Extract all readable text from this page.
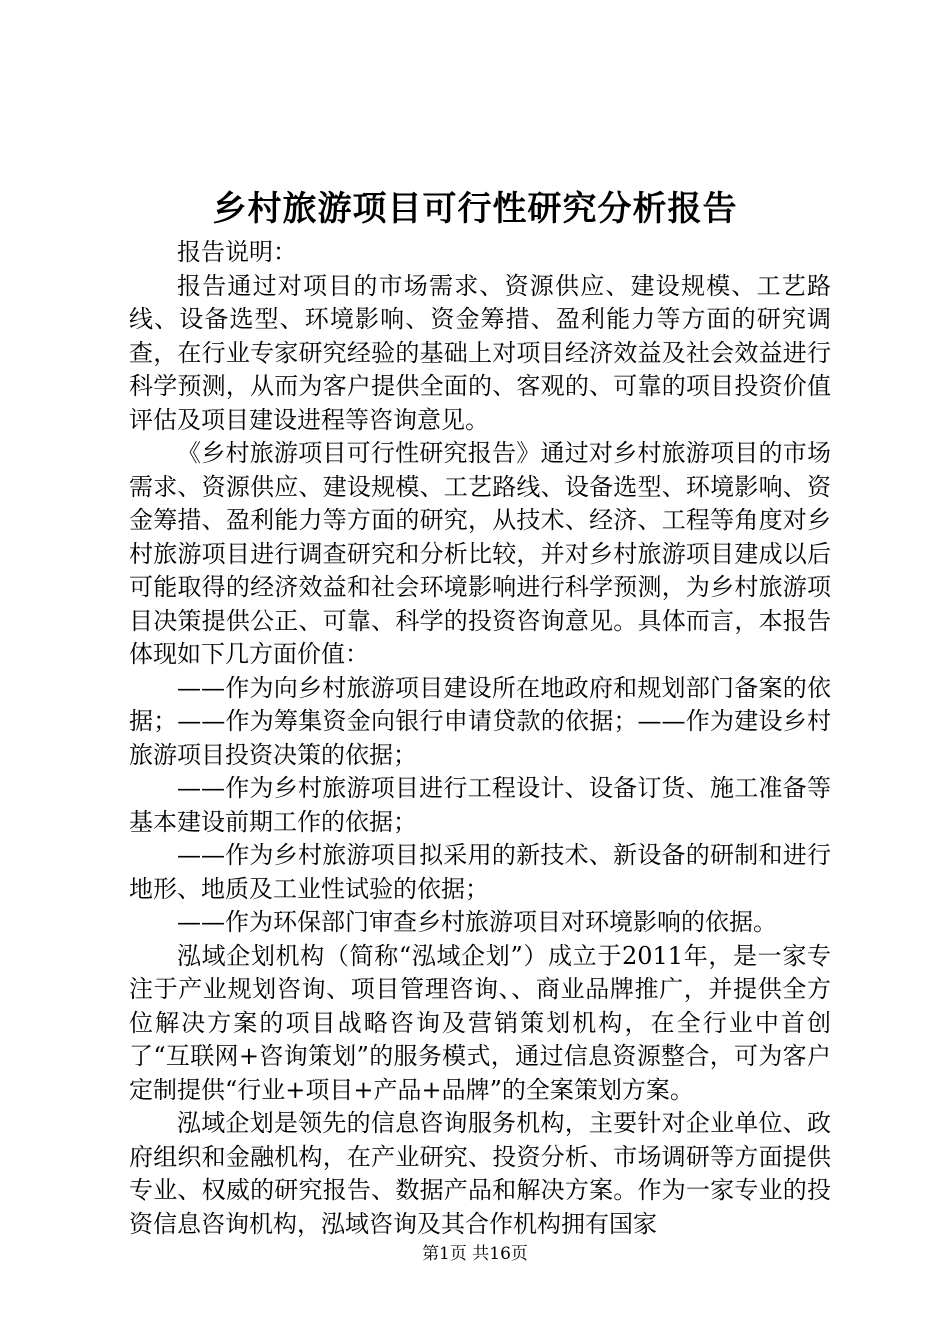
乡村旅游项目可行性研究分析报告

报告说明：

报告通过对项目的市场需求、资源供应、建设规模、工艺路线、设备选型、环境影响、资金筹措、盈利能力等方面的研究调查，在行业专家研究经验的基础上对项目经济效益及社会效益进行科学预测，从而为客户提供全面的、客观的、可靠的项目投资价值评估及项目建设进程等咨询意见。

《乡村旅游项目可行性研究报告》通过对乡村旅游项目的市场需求、资源供应、建设规模、工艺路线、设备选型、环境影响、资金筹措、盈利能力等方面的研究，从技术、经济、工程等角度对乡村旅游项目进行调查研究和分析比较，并对乡村旅游项目建成以后可能取得的经济效益和社会环境影响进行科学预测，为乡村旅游项目决策提供公正、可靠、科学的投资咨询意见。具体而言，本报告体现如下几方面价值：

——作为向乡村旅游项目建设所在地政府和规划部门备案的依据；——作为筹集资金向银行申请贷款的依据；——作为建设乡村旅游项目投资决策的依据；

——作为乡村旅游项目进行工程设计、设备订货、施工准备等基本建设前期工作的依据；

——作为乡村旅游项目拟采用的新技术、新设备的研制和进行地形、地质及工业性试验的依据；

——作为环保部门审查乡村旅游项目对环境影响的依据。

泓域企划机构（简称“泓域企划”）成立于2011年，是一家专注于产业规划咨询、项目管理咨询、、商业品牌推广，并提供全方位解决方案的项目战略咨询及营销策划机构，在全行业中首创了“互联网+咨询策划”的服务模式，通过信息资源整合，可为客户定制提供“行业+项目+产品+品牌”的全案策划方案。

泓域企划是领先的信息咨询服务机构，主要针对企业单位、政府组织和金融机构，在产业研究、投资分析、市场调研等方面提供专业、权威的研究报告、数据产品和解决方案。作为一家专业的投资信息咨询机构，泓域咨询及其合作机构拥有国家

第1页 共16页
